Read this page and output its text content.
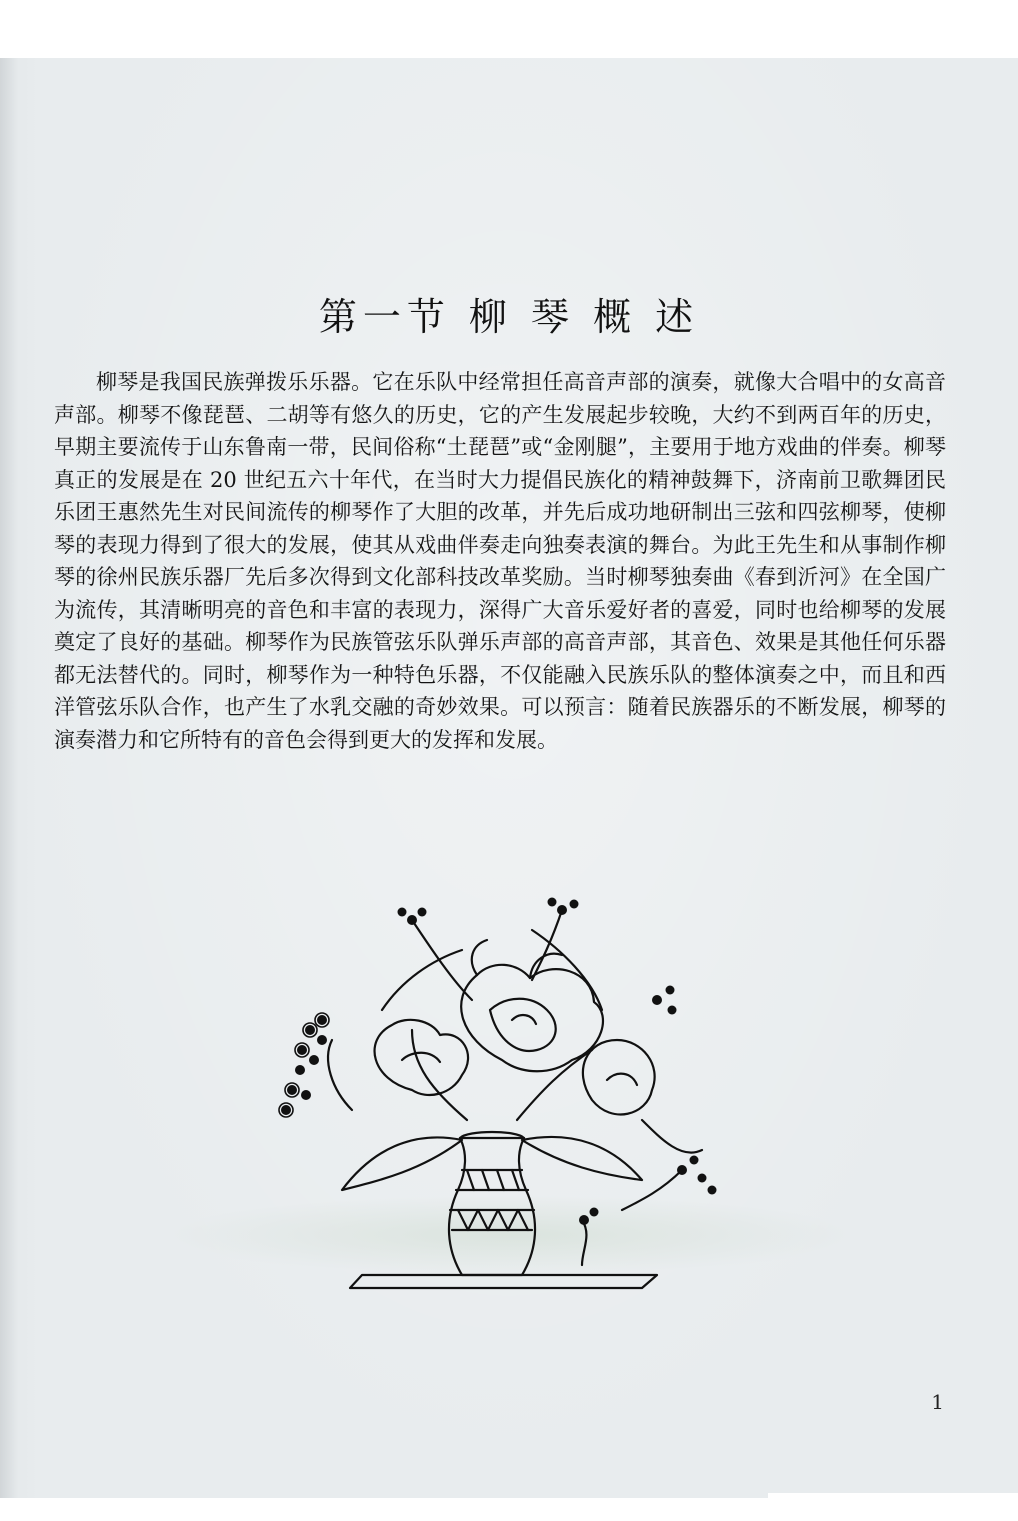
第一节 柳 琴 概 述

柳琴是我国民族弹拨乐乐器。它在乐队中经常担任高音声部的演奏，就像大合唱中的女高音声部。柳琴不像琵琶、二胡等有悠久的历史，它的产生发展起步较晚，大约不到两百年的历史，早期主要流传于山东鲁南一带，民间俗称“土琵琶”或“金刚腿”，主要用于地方戏曲的伴奏。柳琴真正的发展是在 20 世纪五六十年代，在当时大力提倡民族化的精神鼓舞下，济南前卫歌舞团民乐团王惠然先生对民间流传的柳琴作了大胆的改革，并先后成功地研制出三弦和四弦柳琴，使柳琴的表现力得到了很大的发展，使其从戏曲伴奏走向独奏表演的舞台。为此王先生和从事制作柳琴的徐州民族乐器厂先后多次得到文化部科技改革奖励。当时柳琴独奏曲《春到沂河》在全国广为流传，其清晰明亮的音色和丰富的表现力，深得广大音乐爱好者的喜爱，同时也给柳琴的发展奠定了良好的基础。柳琴作为民族管弦乐队弹乐声部的高音声部，其音色、效果是其他任何乐器都无法替代的。同时，柳琴作为一种特色乐器，不仅能融入民族乐队的整体演奏之中，而且和西洋管弦乐队合作，也产生了水乳交融的奇妙效果。可以预言：随着民族器乐的不断发展，柳琴的演奏潜力和它所特有的音色会得到更大的发挥和发展。

1
